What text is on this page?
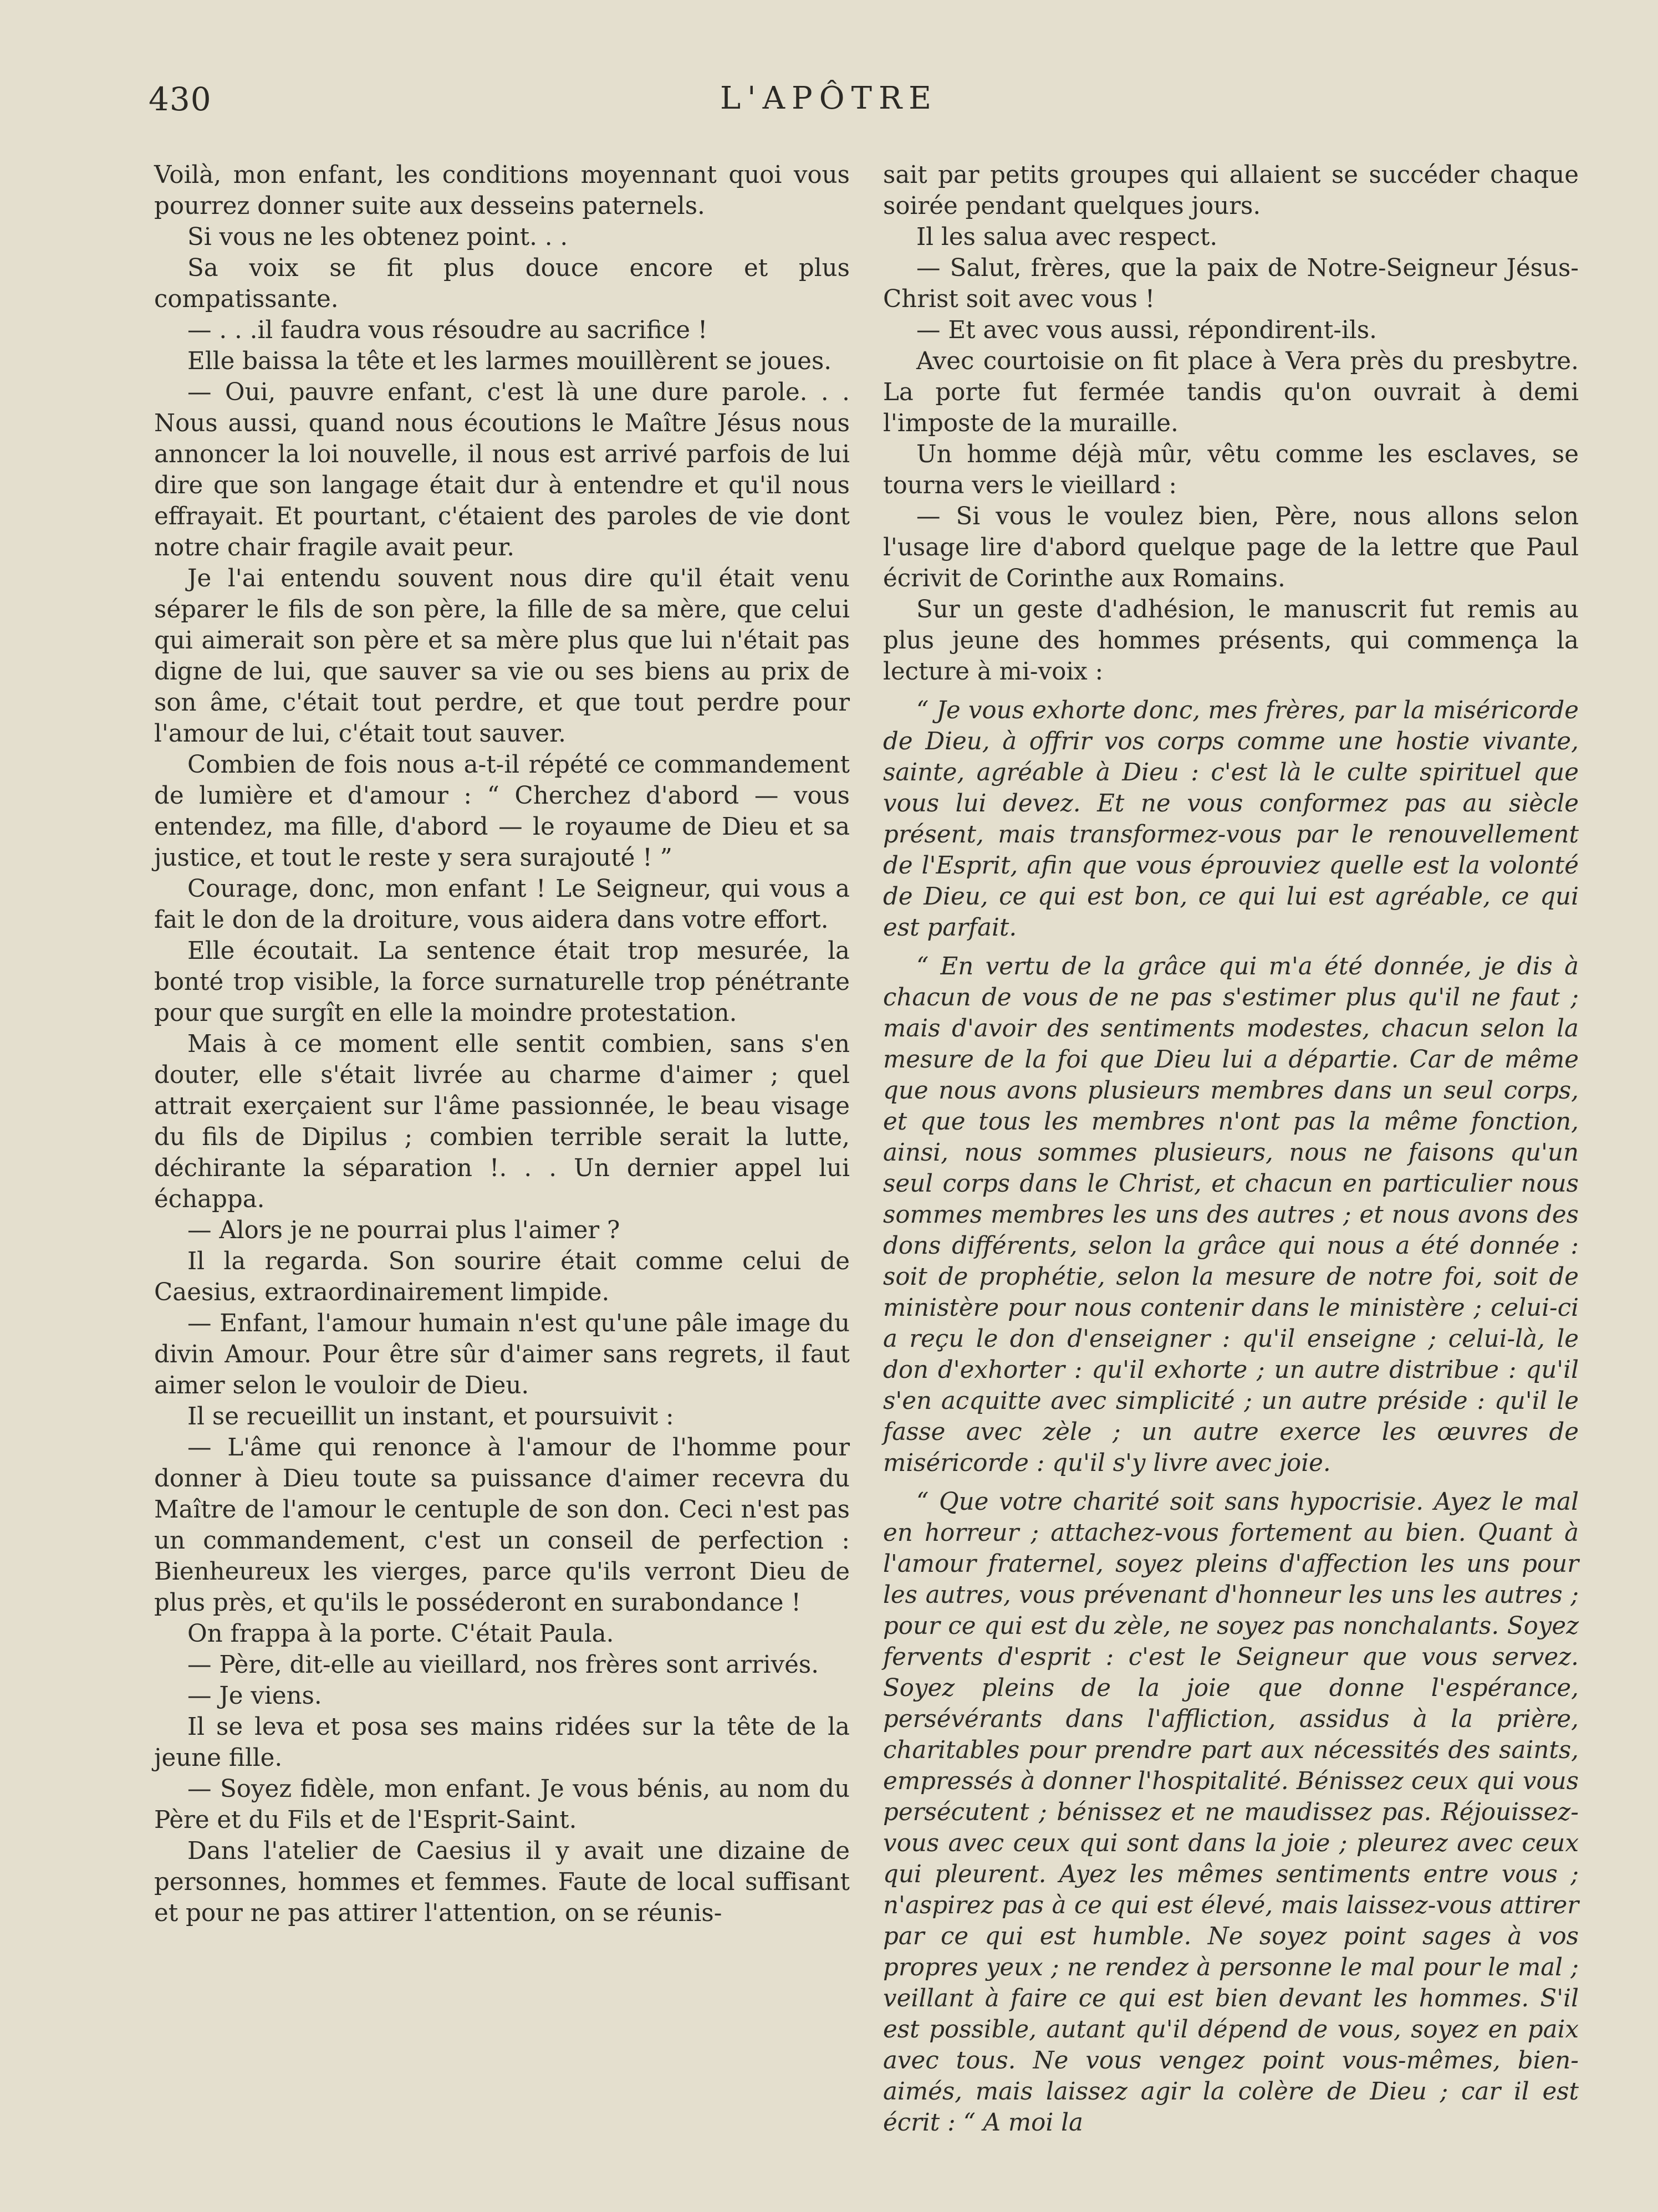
430	L'APÔTRE

Voilà, mon enfant, les conditions moyennant quoi vous pourrez donner suite aux desseins paternels.

Si vous ne les obtenez point. . .

Sa voix se fit plus douce encore et plus compatissante.

— . . .il faudra vous résoudre au sacrifice !

Elle baissa la tête et les larmes mouillèrent se joues.

— Oui, pauvre enfant, c'est là une dure parole. . . Nous aussi, quand nous écoutions le Maître Jésus nous annoncer la loi nouvelle, il nous est arrivé parfois de lui dire que son langage était dur à entendre et qu'il nous effrayait. Et pourtant, c'étaient des paroles de vie dont notre chair fragile avait peur.

Je l'ai entendu souvent nous dire qu'il était venu séparer le fils de son père, la fille de sa mère, que celui qui aimerait son père et sa mère plus que lui n'était pas digne de lui, que sauver sa vie ou ses biens au prix de son âme, c'était tout perdre, et que tout perdre pour l'amour de lui, c'était tout sauver.

Combien de fois nous a-t-il répété ce commandement de lumière et d'amour : “ Cherchez d'abord — vous entendez, ma fille, d'abord — le royaume de Dieu et sa justice, et tout le reste y sera surajouté ! ”

Courage, donc, mon enfant ! Le Seigneur, qui vous a fait le don de la droiture, vous aidera dans votre effort.

Elle écoutait. La sentence était trop mesurée, la bonté trop visible, la force surnaturelle trop pénétrante pour que surgît en elle la moindre protestation.

Mais à ce moment elle sentit combien, sans s'en douter, elle s'était livrée au charme d'aimer ; quel attrait exerçaient sur l'âme passionnée, le beau visage du fils de Dipilus ; combien terrible serait la lutte, déchirante la séparation !. . . Un dernier appel lui échappa.

— Alors je ne pourrai plus l'aimer ?

Il la regarda. Son sourire était comme celui de Caesius, extraordinairement limpide.

— Enfant, l'amour humain n'est qu'une pâle image du divin Amour. Pour être sûr d'aimer sans regrets, il faut aimer selon le vouloir de Dieu.

Il se recueillit un instant, et poursuivit :

— L'âme qui renonce à l'amour de l'homme pour donner à Dieu toute sa puissance d'aimer recevra du Maître de l'amour le centuple de son don. Ceci n'est pas un commandement, c'est un conseil de perfection : Bienheureux les vierges, parce qu'ils verront Dieu de plus près, et qu'ils le posséderont en surabondance !

On frappa à la porte. C'était Paula.

— Père, dit-elle au vieillard, nos frères sont arrivés.

— Je viens.

Il se leva et posa ses mains ridées sur la tête de la jeune fille.

— Soyez fidèle, mon enfant. Je vous bénis, au nom du Père et du Fils et de l'Esprit-Saint.

Dans l'atelier de Caesius il y avait une dizaine de personnes, hommes et femmes. Faute de local suffisant et pour ne pas attirer l'attention, on se réunis-

sait par petits groupes qui allaient se succéder chaque soirée pendant quelques jours.

Il les salua avec respect.

— Salut, frères, que la paix de Notre-Seigneur Jésus-Christ soit avec vous !

— Et avec vous aussi, répondirent-ils.

Avec courtoisie on fit place à Vera près du presbytre. La porte fut fermée tandis qu'on ouvrait à demi l'imposte de la muraille.

Un homme déjà mûr, vêtu comme les esclaves, se tourna vers le vieillard :

— Si vous le voulez bien, Père, nous allons selon l'usage lire d'abord quelque page de la lettre que Paul écrivit de Corinthe aux Romains.

Sur un geste d'adhésion, le manuscrit fut remis au plus jeune des hommes présents, qui commença la lecture à mi-voix :

“ Je vous exhorte donc, mes frères, par la miséricorde de Dieu, à offrir vos corps comme une hostie vivante, sainte, agréable à Dieu : c'est là le culte spirituel que vous lui devez. Et ne vous conformez pas au siècle présent, mais transformez-vous par le renouvellement de l'Esprit, afin que vous éprouviez quelle est la volonté de Dieu, ce qui est bon, ce qui lui est agréable, ce qui est parfait.

“ En vertu de la grâce qui m'a été donnée, je dis à chacun de vous de ne pas s'estimer plus qu'il ne faut ; mais d'avoir des sentiments modestes, chacun selon la mesure de la foi que Dieu lui a départie. Car de même que nous avons plusieurs membres dans un seul corps, et que tous les membres n'ont pas la même fonction, ainsi, nous sommes plusieurs, nous ne faisons qu'un seul corps dans le Christ, et chacun en particulier nous sommes membres les uns des autres ; et nous avons des dons différents, selon la grâce qui nous a été donnée : soit de prophétie, selon la mesure de notre foi, soit de ministère pour nous contenir dans le ministère ; celui-ci a reçu le don d'enseigner : qu'il enseigne ; celui-là, le don d'exhorter : qu'il exhorte ; un autre distribue : qu'il s'en acquitte avec simplicité ; un autre préside : qu'il le fasse avec zèle ; un autre exerce les œuvres de miséricorde : qu'il s'y livre avec joie.

“ Que votre charité soit sans hypocrisie. Ayez le mal en horreur ; attachez-vous fortement au bien. Quant à l'amour fraternel, soyez pleins d'affection les uns pour les autres, vous prévenant d'honneur les uns les autres ; pour ce qui est du zèle, ne soyez pas nonchalants. Soyez fervents d'esprit : c'est le Seigneur que vous servez. Soyez pleins de la joie que donne l'espérance, persévérants dans l'affliction, assidus à la prière, charitables pour prendre part aux nécessités des saints, empressés à donner l'hospitalité. Bénissez ceux qui vous persécutent ; bénissez et ne maudissez pas. Réjouissez-vous avec ceux qui sont dans la joie ; pleurez avec ceux qui pleurent. Ayez les mêmes sentiments entre vous ; n'aspirez pas à ce qui est élevé, mais laissez-vous attirer par ce qui est humble. Ne soyez point sages à vos propres yeux ; ne rendez à personne le mal pour le mal ; veillant à faire ce qui est bien devant les hommes. S'il est possible, autant qu'il dépend de vous, soyez en paix avec tous. Ne vous vengez point vous-mêmes, bien-aimés, mais laissez agir la colère de Dieu ; car il est écrit : “ A moi la
